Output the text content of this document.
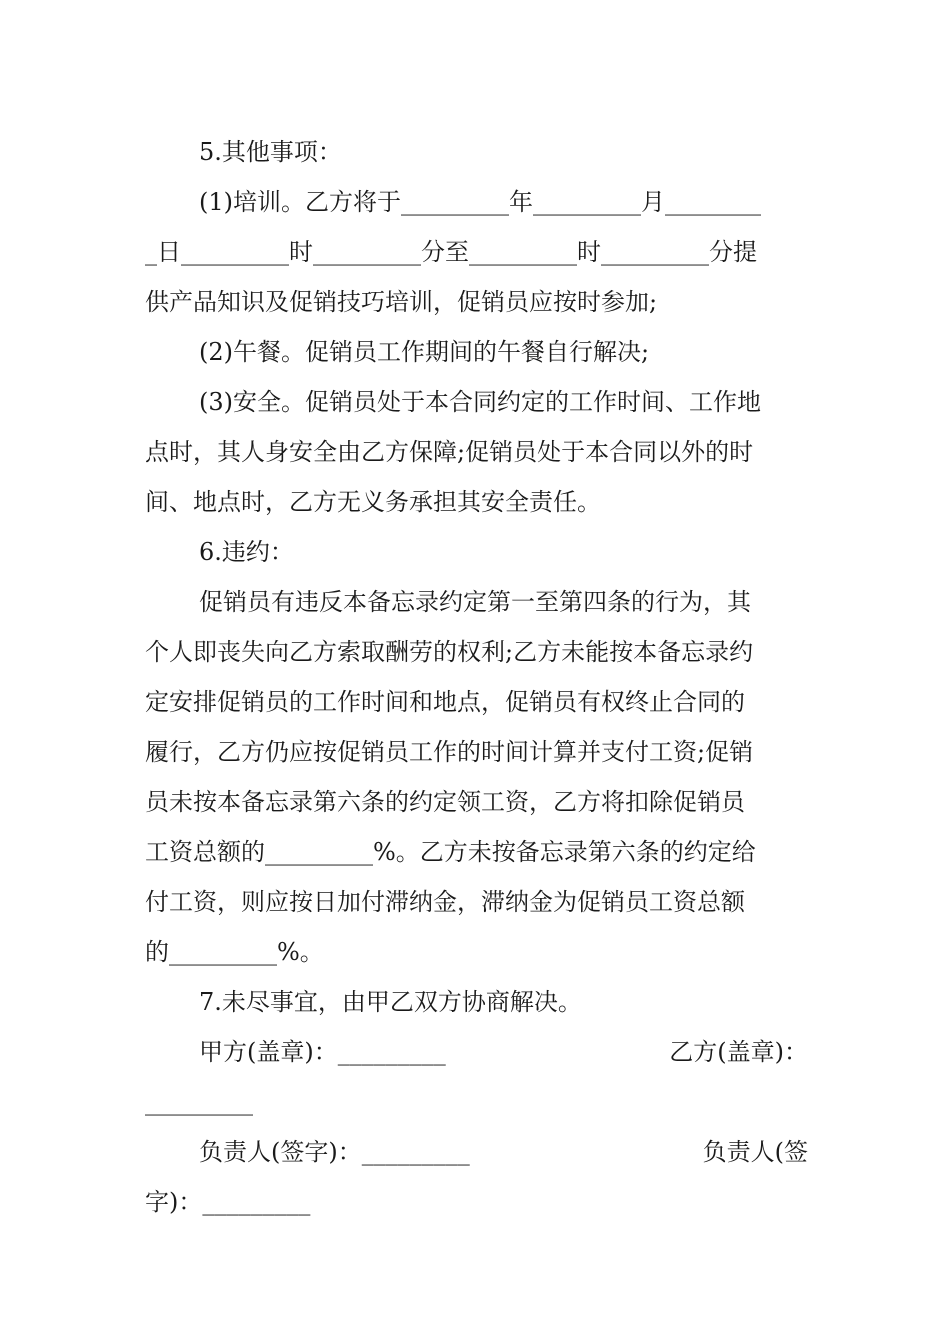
5.其他事项：
(1)培训。乙方将于_________年_________月________
_日_________时_________分至_________时_________分提
供产品知识及促销技巧培训，促销员应按时参加;
(2)午餐。促销员工作期间的午餐自行解决;
(3)安全。促销员处于本合同约定的工作时间、工作地
点时，其人身安全由乙方保障;促销员处于本合同以外的时
间、地点时，乙方无义务承担其安全责任。
6.违约：
促销员有违反本备忘录约定第一至第四条的行为，其
个人即丧失向乙方索取酬劳的权利;乙方未能按本备忘录约
定安排促销员的工作时间和地点，促销员有权终止合同的
履行，乙方仍应按促销员工作的时间计算并支付工资;促销
员未按本备忘录第六条的约定领工资，乙方将扣除促销员
工资总额的_________%。乙方未按备忘录第六条的约定给
付工资，则应按日加付滞纳金，滞纳金为促销员工资总额
的_________%。
7.未尽事宜，由甲乙双方协商解决。
甲方(盖章)：_________	乙方(盖章)：
_________
负责人(签字)：_________	负责人(签
字)：_________
